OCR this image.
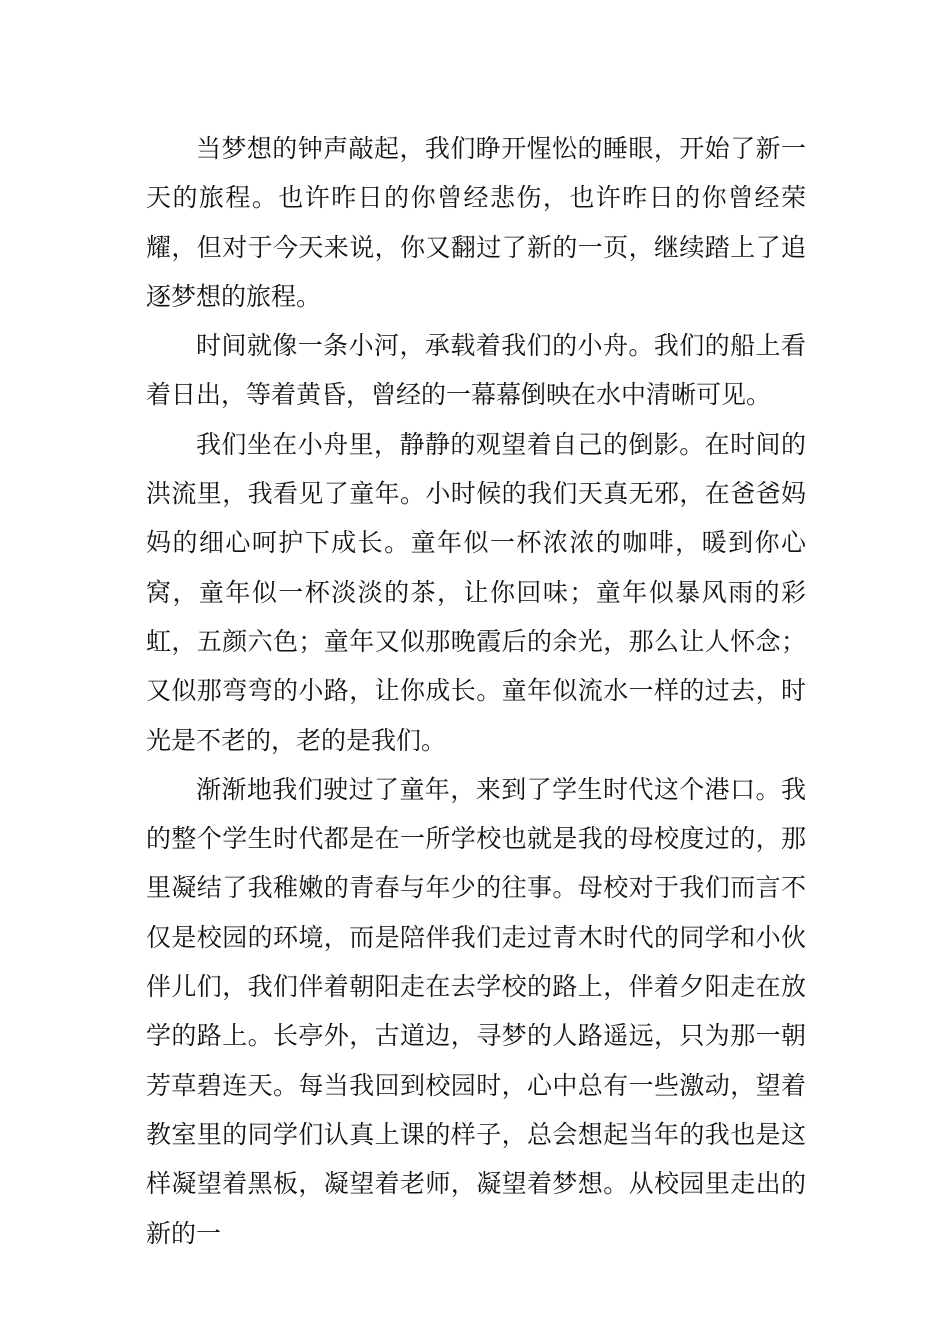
当梦想的钟声敲起，我们睁开惺忪的睡眼，开始了新一天的旅程。也许昨日的你曾经悲伤，也许昨日的你曾经荣耀，但对于今天来说，你又翻过了新的一页，继续踏上了追逐梦想的旅程。

时间就像一条小河，承载着我们的小舟。我们的船上看着日出，等着黄昏，曾经的一幕幕倒映在水中清晰可见。

我们坐在小舟里，静静的观望着自己的倒影。在时间的洪流里，我看见了童年。小时候的我们天真无邪，在爸爸妈妈的细心呵护下成长。童年似一杯浓浓的咖啡，暖到你心窝，童年似一杯淡淡的茶，让你回味；童年似暴风雨的彩虹，五颜六色；童年又似那晚霞后的余光，那么让人怀念；又似那弯弯的小路，让你成长。童年似流水一样的过去，时光是不老的，老的是我们。

渐渐地我们驶过了童年，来到了学生时代这个港口。我的整个学生时代都是在一所学校也就是我的母校度过的，那里凝结了我稚嫩的青春与年少的往事。母校对于我们而言不仅是校园的环境，而是陪伴我们走过青木时代的同学和小伙伴儿们，我们伴着朝阳走在去学校的路上，伴着夕阳走在放学的路上。长亭外，古道边，寻梦的人路遥远，只为那一朝芳草碧连天。每当我回到校园时，心中总有一些激动，望着教室里的同学们认真上课的样子，总会想起当年的我也是这样凝望着黑板，凝望着老师，凝望着梦想。从校园里走出的新的一
